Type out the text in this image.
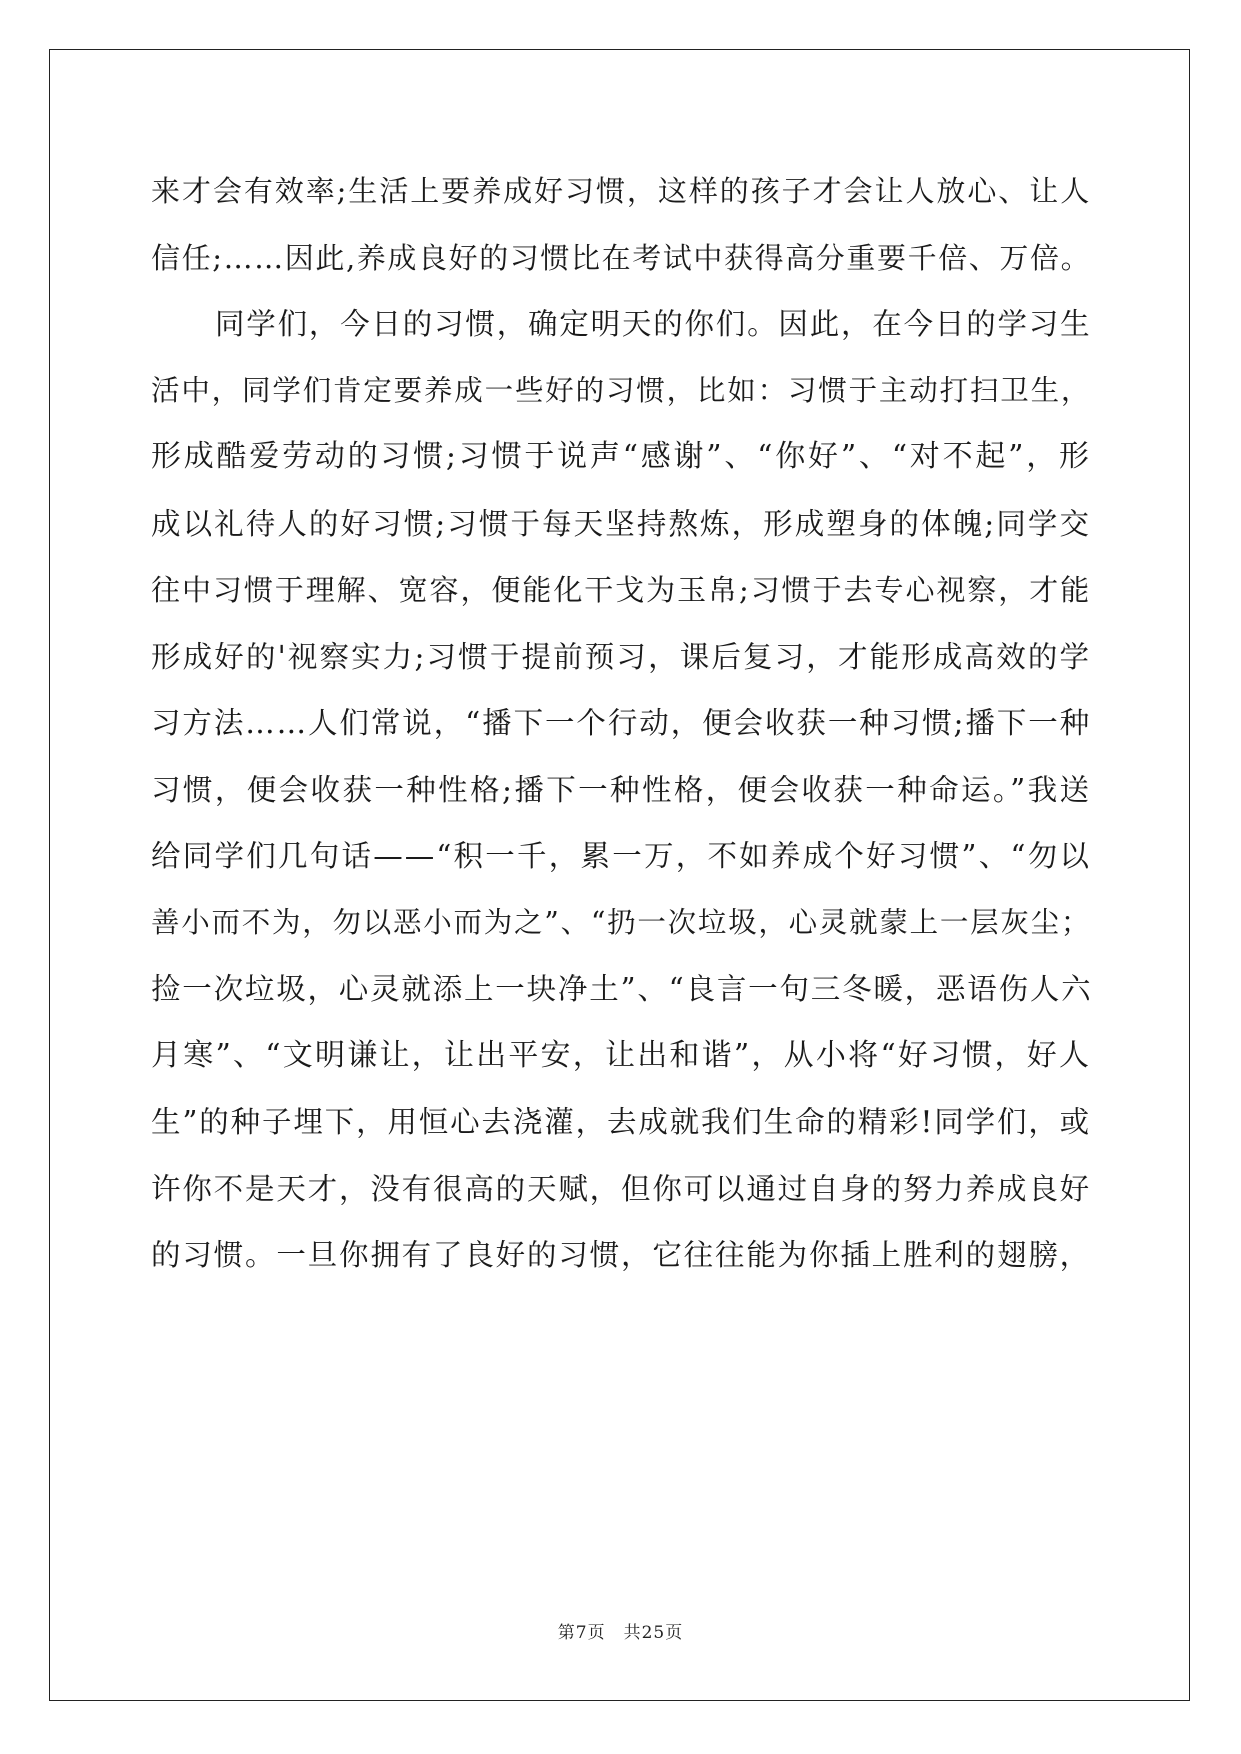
来才会有效率;生活上要养成好习惯，这样的孩子才会让人放心、让人
信任;……因此,养成良好的习惯比在考试中获得高分重要千倍、万倍。
同学们，今日的习惯，确定明天的你们。因此，在今日的学习生
活中，同学们肯定要养成一些好的习惯，比如：习惯于主动打扫卫生，
形成酷爱劳动的习惯;习惯于说声“感谢”、“你好”、“对不起”，形
成以礼待人的好习惯;习惯于每天坚持熬炼，形成塑身的体魄;同学交
往中习惯于理解、宽容，便能化干戈为玉帛;习惯于去专心视察，才能
形成好的'视察实力;习惯于提前预习，课后复习，才能形成高效的学
习方法……人们常说，“播下一个行动，便会收获一种习惯;播下一种
习惯，便会收获一种性格;播下一种性格，便会收获一种命运。”我送
给同学们几句话——“积一千，累一万，不如养成个好习惯”、“勿以
善小而不为，勿以恶小而为之”、“扔一次垃圾，心灵就蒙上一层灰尘；
捡一次垃圾，心灵就添上一块净土”、“良言一句三冬暖，恶语伤人六
月寒”、“文明谦让，让出平安，让出和谐”，从小将“好习惯，好人
生”的种子埋下，用恒心去浇灌，去成就我们生命的精彩!同学们，或
许你不是天才，没有很高的天赋，但你可以通过自身的努力养成良好
的习惯。一旦你拥有了良好的习惯，它往往能为你插上胜利的翅膀，
第7页　共25页
